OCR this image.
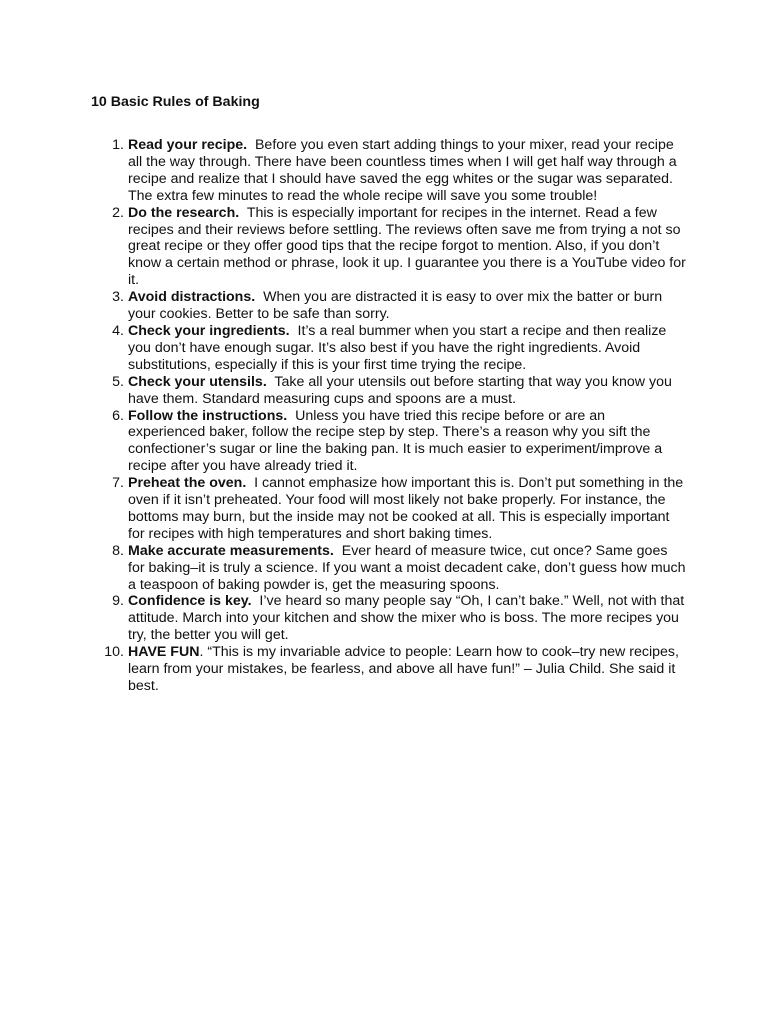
10 Basic Rules of Baking
1. Read your recipe. Before you even start adding things to your mixer, read your recipe all the way through. There have been countless times when I will get half way through a recipe and realize that I should have saved the egg whites or the sugar was separated. The extra few minutes to read the whole recipe will save you some trouble!
2. Do the research. This is especially important for recipes in the internet. Read a few recipes and their reviews before settling. The reviews often save me from trying a not so great recipe or they offer good tips that the recipe forgot to mention. Also, if you don’t know a certain method or phrase, look it up. I guarantee you there is a YouTube video for it.
3. Avoid distractions. When you are distracted it is easy to over mix the batter or burn your cookies. Better to be safe than sorry.
4. Check your ingredients. It’s a real bummer when you start a recipe and then realize you don’t have enough sugar. It’s also best if you have the right ingredients. Avoid substitutions, especially if this is your first time trying the recipe.
5. Check your utensils. Take all your utensils out before starting that way you know you have them. Standard measuring cups and spoons are a must.
6. Follow the instructions. Unless you have tried this recipe before or are an experienced baker, follow the recipe step by step. There’s a reason why you sift the confectioner’s sugar or line the baking pan. It is much easier to experiment/improve a recipe after you have already tried it.
7. Preheat the oven. I cannot emphasize how important this is. Don’t put something in the oven if it isn’t preheated. Your food will most likely not bake properly. For instance, the bottoms may burn, but the inside may not be cooked at all. This is especially important for recipes with high temperatures and short baking times.
8. Make accurate measurements. Ever heard of measure twice, cut once? Same goes for baking–it is truly a science. If you want a moist decadent cake, don’t guess how much a teaspoon of baking powder is, get the measuring spoons.
9. Confidence is key. I’ve heard so many people say “Oh, I can’t bake.” Well, not with that attitude. March into your kitchen and show the mixer who is boss. The more recipes you try, the better you will get.
10. HAVE FUN. “This is my invariable advice to people: Learn how to cook–try new recipes, learn from your mistakes, be fearless, and above all have fun!” – Julia Child. She said it best.
